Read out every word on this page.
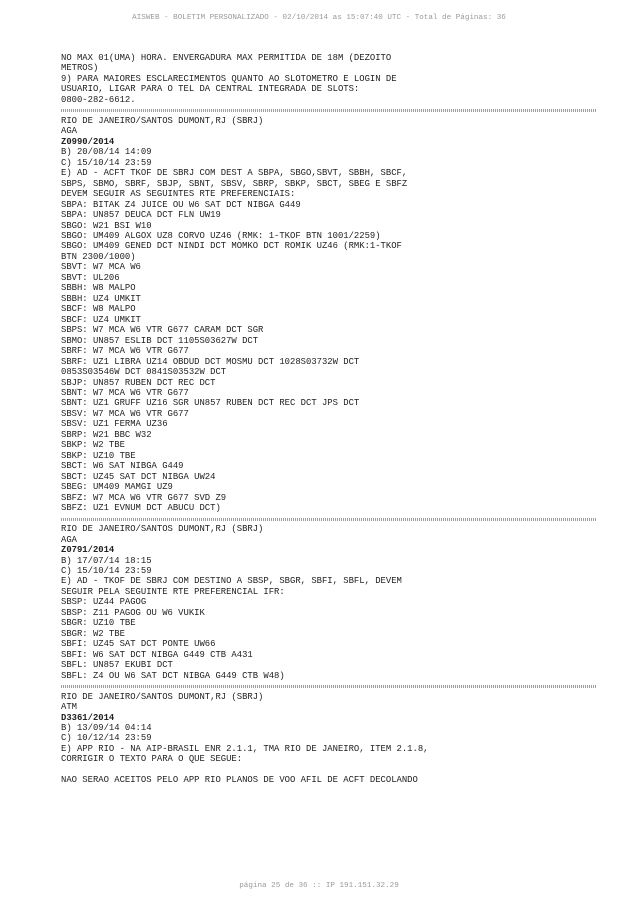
AISWEB - BOLETIM PERSONALIZADO - 02/10/2014 as 15:07:40 UTC - Total de Páginas: 36
NO MAX 01(UMA) HORA. ENVERGADURA MAX PERMITIDA DE 18M (DEZOITO
METROS)
9) PARA MAIORES ESCLARECIMENTOS QUANTO AO SLOTOMETRO E LOGIN DE
USUARIO, LIGAR PARA O TEL DA CENTRAL INTEGRADA DE SLOTS:
0800-282-6612.
RIO DE JANEIRO/SANTOS DUMONT,RJ (SBRJ)
AGA
Z0990/2014
B) 20/08/14 14:09
C) 15/10/14 23:59
E) AD - ACFT TKOF DE SBRJ COM DEST A SBPA, SBGO,SBVT, SBBH, SBCF,
SBPS, SBMO, SBRF, SBJP, SBNT, SBSV, SBRP, SBKP, SBCT, SBEG E SBFZ
DEVEM SEGUIR AS SEGUINTES RTE PREFERENCIAIS:
SBPA: BITAK Z4 JUICE OU W6 SAT DCT NIBGA G449
SBPA: UN857 DEUCA DCT FLN UW19
SBGO: W21 BSI W10
SBGO: UM409 ALGOX UZ8 CORVO UZ46 (RMK: 1-TKOF BTN 1001/2259)
SBGO: UM409 GENED DCT NINDI DCT MOMKO DCT ROMIK UZ46 (RMK:1-TKOF
BTN 2300/1000)
SBVT: W7 MCA W6
SBVT: UL206
SBBH: W8 MALPO
SBBH: UZ4 UMKIT
SBCF: W8 MALPO
SBCF: UZ4 UMKIT
SBPS: W7 MCA W6 VTR G677 CARAM DCT SGR
SBMO: UN857 ESLIB DCT 1105S03627W DCT
SBRF: W7 MCA W6 VTR G677
SBRF: UZ1 LIBRA UZ14 OBDUD DCT MOSMU DCT 1028S03732W DCT
0853S03546W DCT 0841S03532W DCT
SBJP: UN857 RUBEN DCT REC DCT
SBNT: W7 MCA W6 VTR G677
SBNT: UZ1 GRUFF UZ16 SGR UN857 RUBEN DCT REC DCT JPS DCT
SBSV: W7 MCA W6 VTR G677
SBSV: UZ1 FERMA UZ36
SBRP: W21 BBC W32
SBKP: W2 TBE
SBKP: UZ10 TBE
SBCT: W6 SAT NIBGA G449
SBCT: UZ45 SAT DCT NIBGA UW24
SBEG: UM409 MAMGI UZ9
SBFZ: W7 MCA W6 VTR G677 SVD Z9
SBFZ: UZ1 EVNUM DCT ABUCU DCT)
RIO DE JANEIRO/SANTOS DUMONT,RJ (SBRJ)
AGA
Z0791/2014
B) 17/07/14 18:15
C) 15/10/14 23:59
E) AD - TKOF DE SBRJ COM DESTINO A SBSP, SBGR, SBFI, SBFL, DEVEM
SEGUIR PELA SEGUINTE RTE PREFERENCIAL IFR:
SBSP: UZ44 PAGOG
SBSP: Z11 PAGOG OU W6 VUKIK
SBGR: UZ10 TBE
SBGR: W2 TBE
SBFI: UZ45 SAT DCT PONTE UW66
SBFI: W6 SAT DCT NIBGA G449 CTB A431
SBFL: UN857 EKUBI DCT
SBFL: Z4 OU W6 SAT DCT NIBGA G449 CTB W48)
RIO DE JANEIRO/SANTOS DUMONT,RJ (SBRJ)
ATM
D3361/2014
B) 13/09/14 04:14
C) 10/12/14 23:59
E) APP RIO - NA AIP-BRASIL ENR 2.1.1, TMA RIO DE JANEIRO, ITEM 2.1.8,
CORRIGIR O TEXTO PARA O QUE SEGUE:
NAO SERAO ACEITOS PELO APP RIO PLANOS DE VOO AFIL DE ACFT DECOLANDO
página 25 de 36 :: IP 191.151.32.29
